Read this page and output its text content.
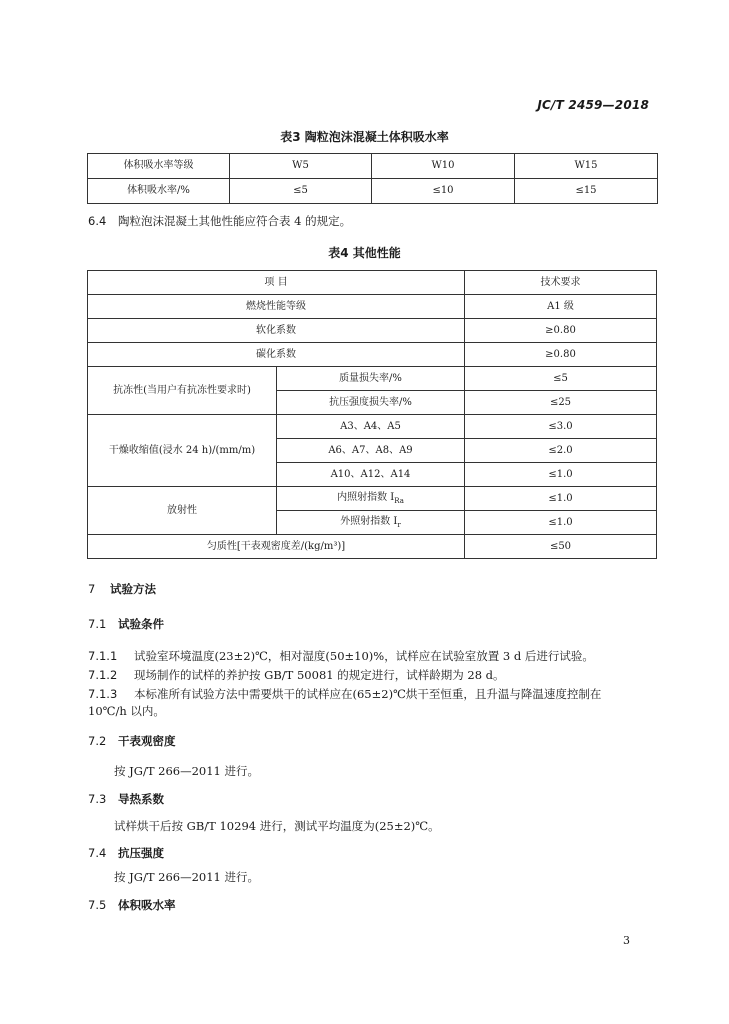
JC/T 2459—2018
表3 陶粒泡沫混凝土体积吸水率
体积吸水率等级	W5	W10	W15
体积吸水率/%	≤5	≤10	≤15
6.4 陶粒泡沫混凝土其他性能应符合表 4 的规定。
表4 其他性能
项 目		技术要求
燃烧性能等级		A1 级
软化系数		≥0.80
碳化系数		≥0.80
抗冻性(当用户有抗冻性要求时)	质量损失率/%	≤5
	抗压强度损失率/%	≤25
干燥收缩值(浸水 24 h)/(mm/m)	A3、A4、A5	≤3.0
	A6、A7、A8、A9	≤2.0
	A10、A12、A14	≤1.0
放射性	内照射指数 $I_{Ra}$	≤1.0
	外照射指数 $I_r$	≤1.0
匀质性[干表观密度差/(kg/m³)]		≤50
7 试验方法
7.1 试验条件
7.1.1 试验室环境温度(23±2)℃，相对湿度(50±10)%，试样应在试验室放置 3 d 后进行试验。
7.1.2 现场制作的试样的养护按 GB/T 50081 的规定进行，试样龄期为 28 d。
7.1.3 本标准所有试验方法中需要烘干的试样应在(65±2)℃烘干至恒重，且升温与降温速度控制在
10℃/h 以内。
7.2 干表观密度
按 JG/T 266—2011 进行。
7.3 导热系数
试样烘干后按 GB/T 10294 进行，测试平均温度为(25±2)℃。
7.4 抗压强度
按 JG/T 266—2011 进行。
7.5 体积吸水率
3
